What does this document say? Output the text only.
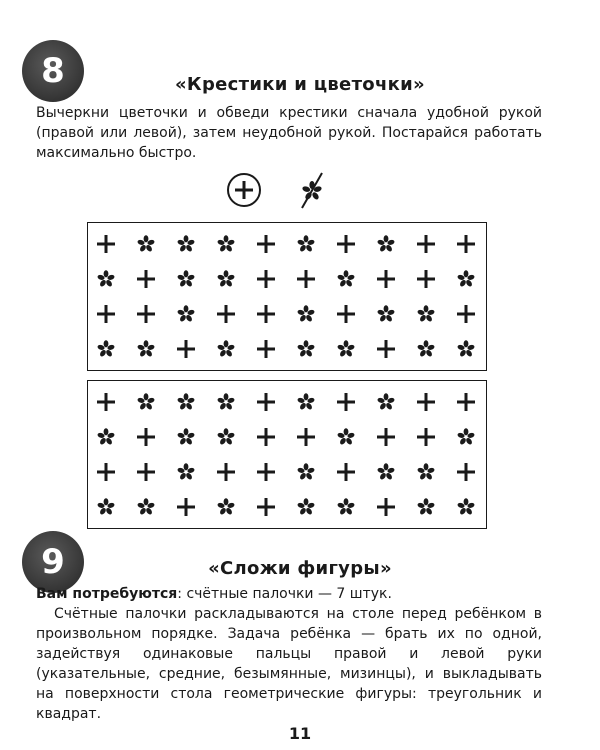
8	«Крестики и цветочки»
Вычеркни цветочки и обведи крестики сначала удобной рукой (правой или левой), затем неудобной рукой. Постарайся работать максимально быстро.
9	«Сложи фигуры»
Вам потребуются: счётные палочки — 7 штук.
Счётные палочки раскладываются на столе перед ребёнком в произвольном порядке. Задача ребёнка — брать их по одной, задействуя одинаковые пальцы правой и левой руки (указательные, средние, безымянные, мизинцы), и выкладывать на поверхности стола геометрические фигуры: треугольник и квадрат.
11
